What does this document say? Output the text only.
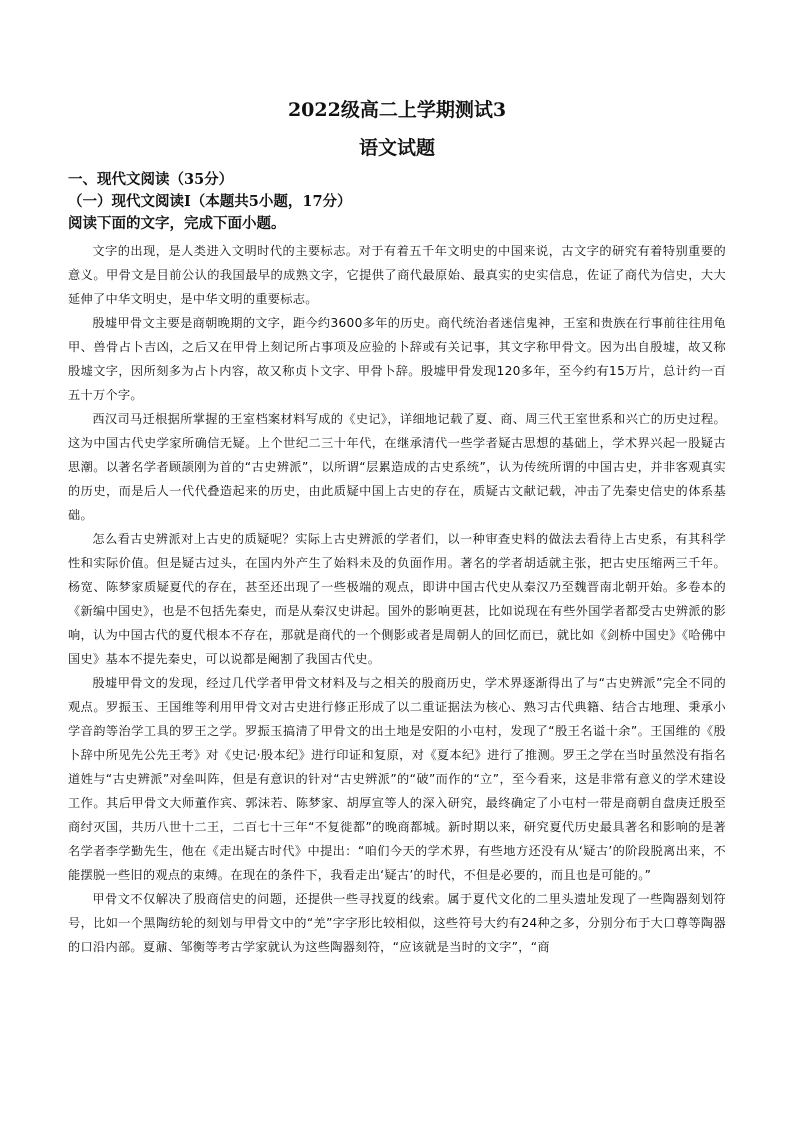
2022级高二上学期测试3
语文试题
一、现代文阅读（35分）
（一）现代文阅读Ⅰ（本题共5小题，17分）
阅读下面的文字，完成下面小题。

文字的出现，是人类进入文明时代的主要标志。对于有着五千年文明史的中国来说，古文字的研究有着特别重要的意义。甲骨文是目前公认的我国最早的成熟文字，它提供了商代最原始、最真实的史实信息，佐证了商代为信史，大大延伸了中华文明史，是中华文明的重要标志。

殷墟甲骨文主要是商朝晚期的文字，距今约3600多年的历史。商代统治者迷信鬼神，王室和贵族在行事前往往用龟甲、兽骨占卜吉凶，之后又在甲骨上刻记所占事项及应验的卜辞或有关记事，其文字称甲骨文。因为出自殷墟，故又称殷墟文字，因所刻多为占卜内容，故又称贞卜文字、甲骨卜辞。殷墟甲骨发现120多年，至今约有15万片，总计约一百五十万个字。

西汉司马迁根据所掌握的王室档案材料写成的《史记》，详细地记载了夏、商、周三代王室世系和兴亡的历史过程。这为中国古代史学家所确信无疑。上个世纪二三十年代，在继承清代一些学者疑古思想的基础上，学术界兴起一股疑古思潮。以著名学者顾颉刚为首的“古史辨派”，以所谓“层累造成的古史系统”，认为传统所谓的中国古史，并非客观真实的历史，而是后人一代代叠造起来的历史，由此质疑中国上古史的存在，质疑古文献记载，冲击了先秦史信史的体系基础。

怎么看古史辨派对上古史的质疑呢？实际上古史辨派的学者们，以一种审查史料的做法去看待上古史系，有其科学性和实际价值。但是疑古过头，在国内外产生了始料未及的负面作用。著名的学者胡适就主张，把古史压缩两三千年。杨宽、陈梦家质疑夏代的存在，甚至还出现了一些极端的观点，即讲中国古代史从秦汉乃至魏晋南北朝开始。多卷本的《新编中国史》，也是不包括先秦史，而是从秦汉史讲起。国外的影响更甚，比如说现在有些外国学者都受古史辨派的影响，认为中国古代的夏代根本不存在，那就是商代的一个侧影或者是周朝人的回忆而已，就比如《剑桥中国史》《哈佛中国史》基本不提先秦史，可以说都是阉割了我国古代史。

殷墟甲骨文的发现，经过几代学者甲骨文材料及与之相关的殷商历史，学术界逐渐得出了与“古史辨派”完全不同的观点。罗振玉、王国维等利用甲骨文对古史进行修正形成了以二重证据法为核心、熟习古代典籍、结合古地理、秉承小学音韵等治学工具的罗王之学。罗振玉搞清了甲骨文的出土地是安阳的小屯村，发现了“殷王名谥十余”。王国维的《殷卜辞中所见先公先王考》对《史记·殷本纪》进行印证和复原，对《夏本纪》进行了推测。罗王之学在当时虽然没有指名道姓与“古史辨派”对垒叫阵，但是有意识的针对“古史辨派”的“破”而作的“立”，至今看来，这是非常有意义的学术建设工作。其后甲骨文大师董作宾、郭沫若、陈梦家、胡厚宣等人的深入研究，最终确定了小屯村一带是商朝自盘庚迁殷至商纣灭国，共历八世十二王，二百七十三年“不复徙都”的晚商都城。新时期以来，研究夏代历史最具著名和影响的是著名学者李学勤先生，他在《走出疑古时代》中提出：“咱们今天的学术界，有些地方还没有从‘疑古’的阶段脱离出来，不能摆脱一些旧的观点的束缚。在现在的条件下，我看走出‘疑古’的时代，不但是必要的，而且也是可能的。”

甲骨文不仅解决了殷商信史的问题，还提供一些寻找夏的线索。属于夏代文化的二里头遗址发现了一些陶器刻划符号，比如一个黑陶纺轮的刻划与甲骨文中的“羌”字字形比较相似，这些符号大约有24种之多，分别分布于大口尊等陶器的口沿内部。夏鼐、邹衡等考古学家就认为这些陶器刻符，“应该就是当时的文字”，“商
